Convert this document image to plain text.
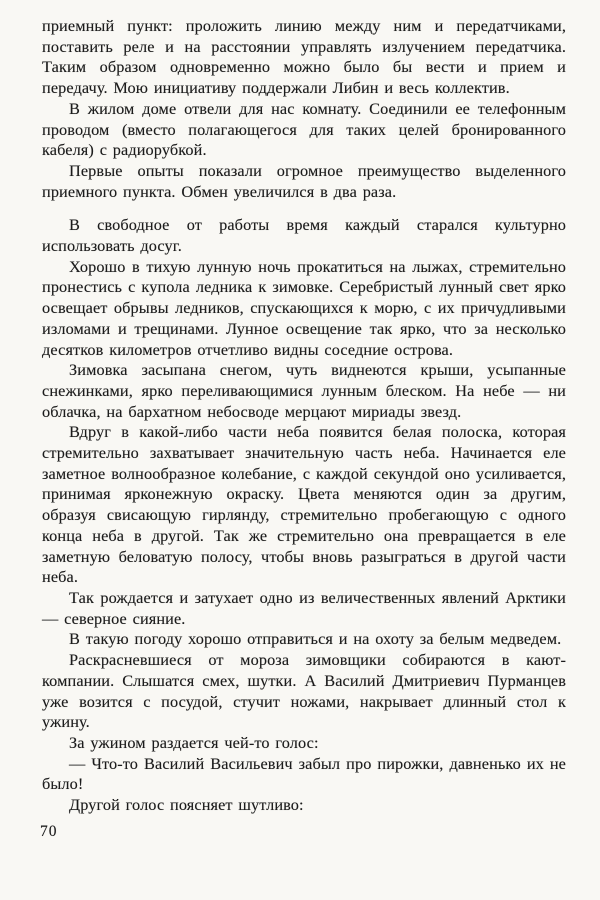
приемный пункт: проложить линию между ним и передатчиками, поставить реле и на расстоянии управлять излучением передатчика. Таким образом одновременно можно было бы вести и прием и передачу. Мою инициативу поддержали Либин и весь коллектив.

В жилом доме отвели для нас комнату. Соединили ее телефонным проводом (вместо полагающегося для таких целей бронированного кабеля) с радиорубкой.

Первые опыты показали огромное преимущество выделенного приемного пункта. Обмен увеличился в два раза.

В свободное от работы время каждый старался культурно использовать досуг.

Хорошо в тихую лунную ночь прокатиться на лыжах, стремительно пронестись с купола ледника к зимовке. Серебристый лунный свет ярко освещает обрывы ледников, спускающихся к морю, с их причудливыми изломами и трещинами. Лунное освещение так ярко, что за несколько десятков километров отчетливо видны соседние острова.

Зимовка засыпана снегом, чуть виднеются крыши, усыпанные снежинками, ярко переливающимися лунным блеском. На небе — ни облачка, на бархатном небосводе мерцают мириады звезд.

Вдруг в какой-либо части неба появится белая полоска, которая стремительно захватывает значительную часть неба. Начинается еле заметное волнообразное колебание, с каждой секундой оно усиливается, принимая ярконежную окраску. Цвета меняются один за другим, образуя свисающую гирлянду, стремительно пробегающую с одного конца неба в другой. Так же стремительно она превращается в еле заметную беловатую полосу, чтобы вновь разыграться в другой части неба.

Так рождается и затухает одно из величественных явлений Арктики — северное сияние.

В такую погоду хорошо отправиться и на охоту за белым медведем.

Раскрасневшиеся от мороза зимовщики собираются в кают-компании. Слышатся смех, шутки. А Василий Дмитриевич Пурманцев уже возится с посудой, стучит ножами, накрывает длинный стол к ужину.

За ужином раздается чей-то голос:

— Что-то Василий Васильевич забыл про пирожки, давненько их не было!

Другой голос поясняет шутливо:

70
